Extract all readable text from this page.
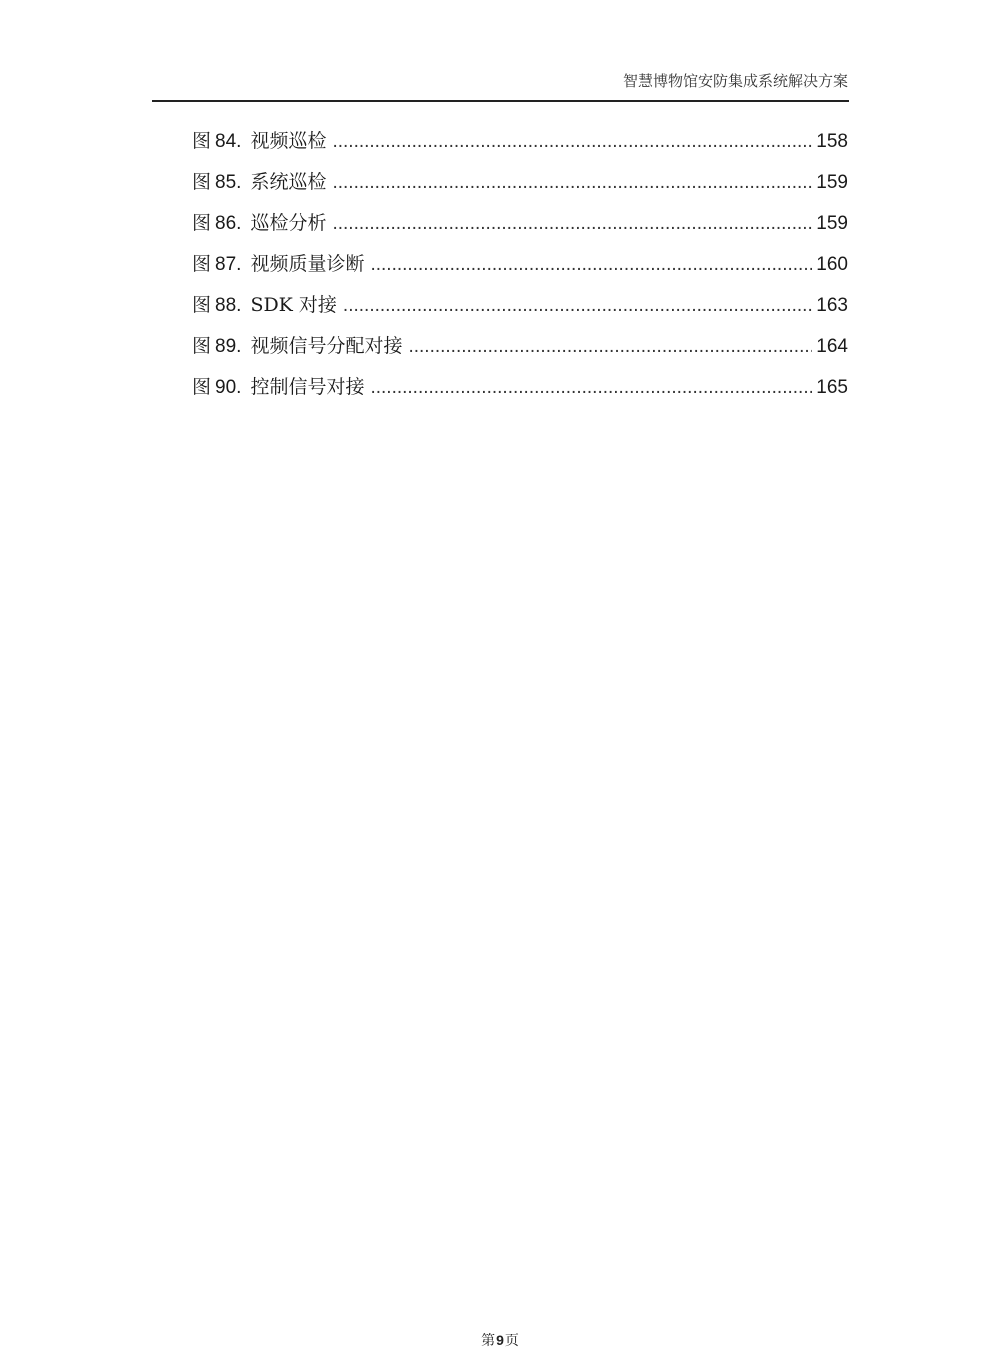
智慧博物馆安防集成系统解决方案
图 84. 视频巡检 .....	158
图 85. 系统巡检 .....	159
图 86. 巡检分析 .....	159
图 87. 视频质量诊断 .....	160
图 88. SDK 对接 .....	163
图 89. 视频信号分配对接 .....	164
图 90. 控制信号对接 .....	165
第9页
